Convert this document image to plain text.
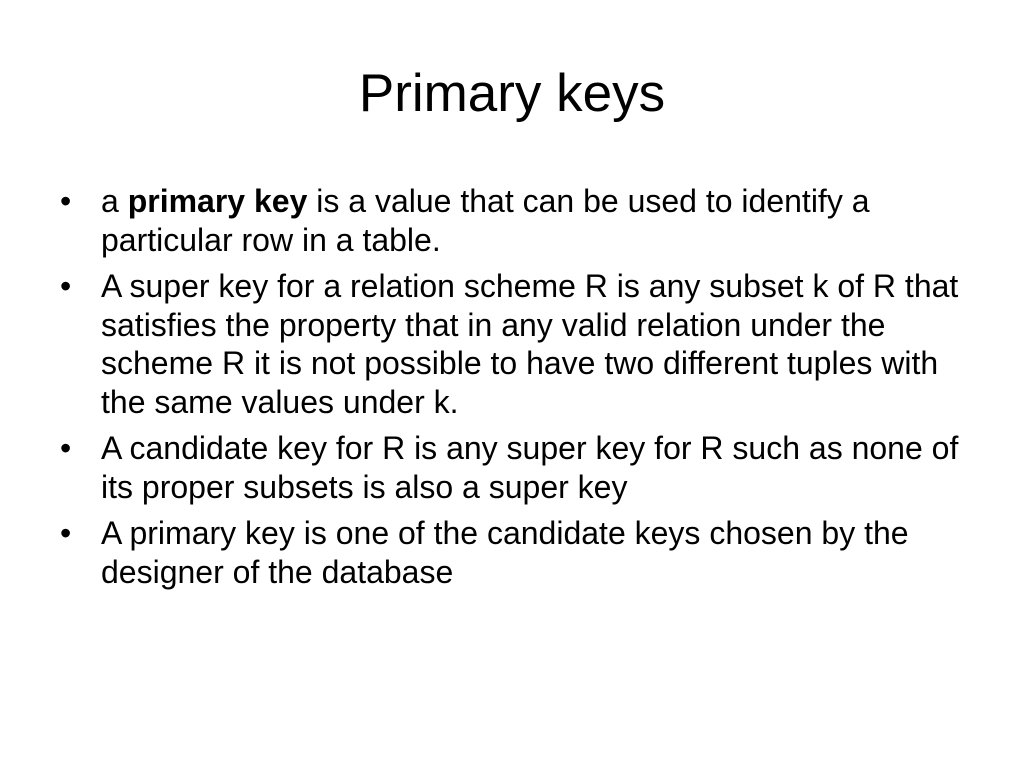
Primary keys
• a primary key is a value that can be used to identify a particular row in a table.
• A super key for a relation scheme R is any subset k of R that satisfies the property that in any valid relation under the scheme R it is not possible to have two different tuples with the same values under k.
• A candidate key for R is any super key for R such as none of its proper subsets is also a super key
• A primary key is one of the candidate keys chosen by the designer of the database
